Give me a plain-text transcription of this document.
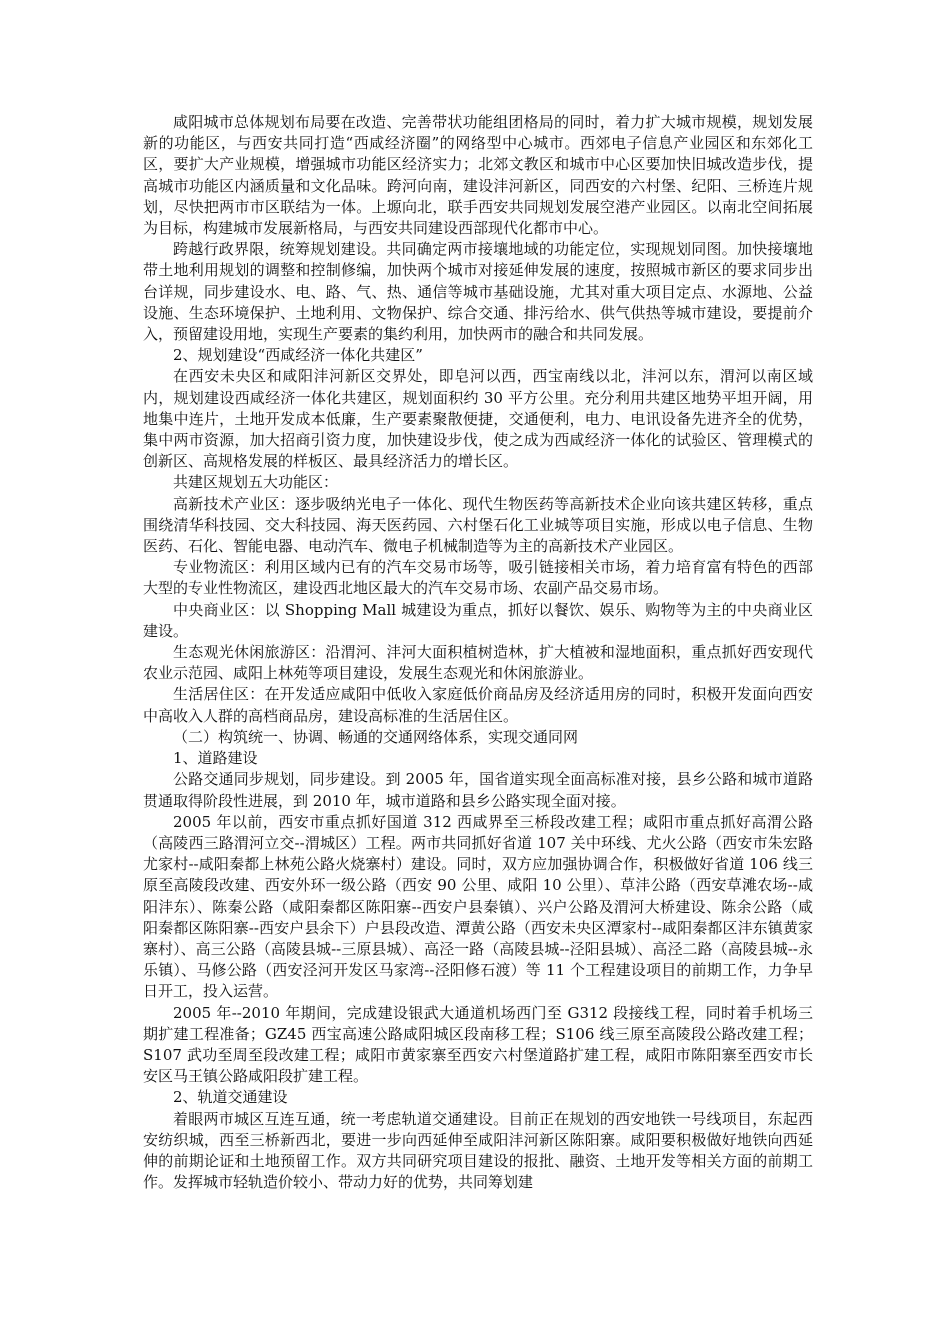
咸阳城市总体规划布局要在改造、完善带状功能组团格局的同时，着力扩大城市规模，规划发展新的功能区，与西安共同打造“西咸经济圈”的网络型中心城市。西郊电子信息产业园区和东郊化工区，要扩大产业规模，增强城市功能区经济实力；北郊文教区和城市中心区要加快旧城改造步伐，提高城市功能区内涵质量和文化品味。跨河向南，建设沣河新区，同西安的六村堡、纪阳、三桥连片规划，尽快把两市市区联结为一体。上塬向北，联手西安共同规划发展空港产业园区。以南北空间拓展为目标，构建城市发展新格局，与西安共同建设西部现代化都市中心。

跨越行政界限，统筹规划建设。共同确定两市接壤地域的功能定位，实现规划同图。加快接壤地带土地利用规划的调整和控制修编，加快两个城市对接延伸发展的速度，按照城市新区的要求同步出台详规，同步建设水、电、路、气、热、通信等城市基础设施，尤其对重大项目定点、水源地、公益设施、生态环境保护、土地利用、文物保护、综合交通、排污给水、供气供热等城市建设，要提前介入，预留建设用地，实现生产要素的集约利用，加快两市的融合和共同发展。

2、规划建设“西咸经济一体化共建区”

在西安未央区和咸阳沣河新区交界处，即皂河以西，西宝南线以北，沣河以东，渭河以南区域内，规划建设西咸经济一体化共建区，规划面积约 30 平方公里。充分利用共建区地势平坦开阔，用地集中连片，土地开发成本低廉，生产要素聚散便捷，交通便利，电力、电讯设备先进齐全的优势，集中两市资源，加大招商引资力度，加快建设步伐，使之成为西咸经济一体化的试验区、管理模式的创新区、高规格发展的样板区、最具经济活力的增长区。

共建区规划五大功能区：

高新技术产业区：逐步吸纳光电子一体化、现代生物医药等高新技术企业向该共建区转移，重点围绕清华科技园、交大科技园、海天医药园、六村堡石化工业城等项目实施，形成以电子信息、生物医药、石化、智能电器、电动汽车、微电子机械制造等为主的高新技术产业园区。

专业物流区：利用区域内已有的汽车交易市场等，吸引链接相关市场，着力培育富有特色的西部大型的专业性物流区，建设西北地区最大的汽车交易市场、农副产品交易市场。

中央商业区：以 Shopping Mall 城建设为重点，抓好以餐饮、娱乐、购物等为主的中央商业区建设。

生态观光休闲旅游区：沿渭河、沣河大面积植树造林，扩大植被和湿地面积，重点抓好西安现代农业示范园、咸阳上林苑等项目建设，发展生态观光和休闲旅游业。

生活居住区：在开发适应咸阳中低收入家庭低价商品房及经济适用房的同时，积极开发面向西安中高收入人群的高档商品房，建设高标准的生活居住区。

（二）构筑统一、协调、畅通的交通网络体系，实现交通同网

1、道路建设

公路交通同步规划，同步建设。到 2005 年，国省道实现全面高标准对接，县乡公路和城市道路贯通取得阶段性进展，到 2010 年，城市道路和县乡公路实现全面对接。

2005 年以前，西安市重点抓好国道 312 西咸界至三桥段改建工程；咸阳市重点抓好高渭公路（高陵西三路渭河立交--渭城区）工程。两市共同抓好省道 107 关中环线、尤火公路（西安市朱宏路尤家村--咸阳秦都上林苑公路火烧寨村）建设。同时，双方应加强协调合作，积极做好省道 106 线三原至高陵段改建、西安外环一级公路（西安 90 公里、咸阳 10 公里）、草沣公路（西安草滩农场--咸阳沣东）、陈秦公路（咸阳秦都区陈阳寨--西安户县秦镇）、兴户公路及渭河大桥建设、陈余公路（咸阳秦都区陈阳寨--西安户县余下）户县段改造、潭黄公路（西安未央区潭家村--咸阳秦都区沣东镇黄家寨村）、高三公路（高陵县城--三原县城）、高泾一路（高陵县城--泾阳县城）、高泾二路（高陵县城--永乐镇）、马修公路（西安泾河开发区马家湾--泾阳修石渡）等 11 个工程建设项目的前期工作，力争早日开工，投入运营。

2005 年--2010 年期间，完成建设银武大通道机场西门至 G312 段接线工程，同时着手机场三期扩建工程准备；GZ45 西宝高速公路咸阳城区段南移工程；S106 线三原至高陵段公路改建工程；S107 武功至周至段改建工程；咸阳市黄家寨至西安六村堡道路扩建工程，咸阳市陈阳寨至西安市长安区马王镇公路咸阳段扩建工程。

2、轨道交通建设

着眼两市城区互连互通，统一考虑轨道交通建设。目前正在规划的西安地铁一号线项目，东起西安纺织城，西至三桥新西北，要进一步向西延伸至咸阳沣河新区陈阳寨。咸阳要积极做好地铁向西延伸的前期论证和土地预留工作。双方共同研究项目建设的报批、融资、土地开发等相关方面的前期工作。发挥城市轻轨造价较小、带动力好的优势，共同筹划建
